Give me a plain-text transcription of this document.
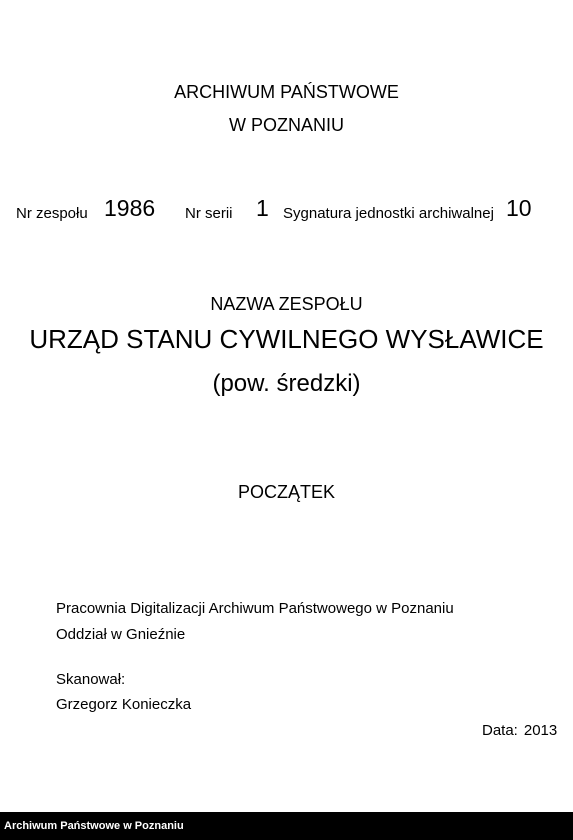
ARCHIWUM PAŃSTWOWE
W POZNANIU
Nr zespołu 1986 Nr serii 1 Sygnatura jednostki archiwalnej 10
NAZWA ZESPOŁU
URZĄD STANU CYWILNEGO WYSŁAWICE
(pow. średzki)
POCZĄTEK
Pracownia Digitalizacji Archiwum Państwowego w Poznaniu
Oddział w Gnieźnie
Skanował:
Grzegorz Konieczka
Data: 2013
Archiwum Państwowe w Poznaniu
